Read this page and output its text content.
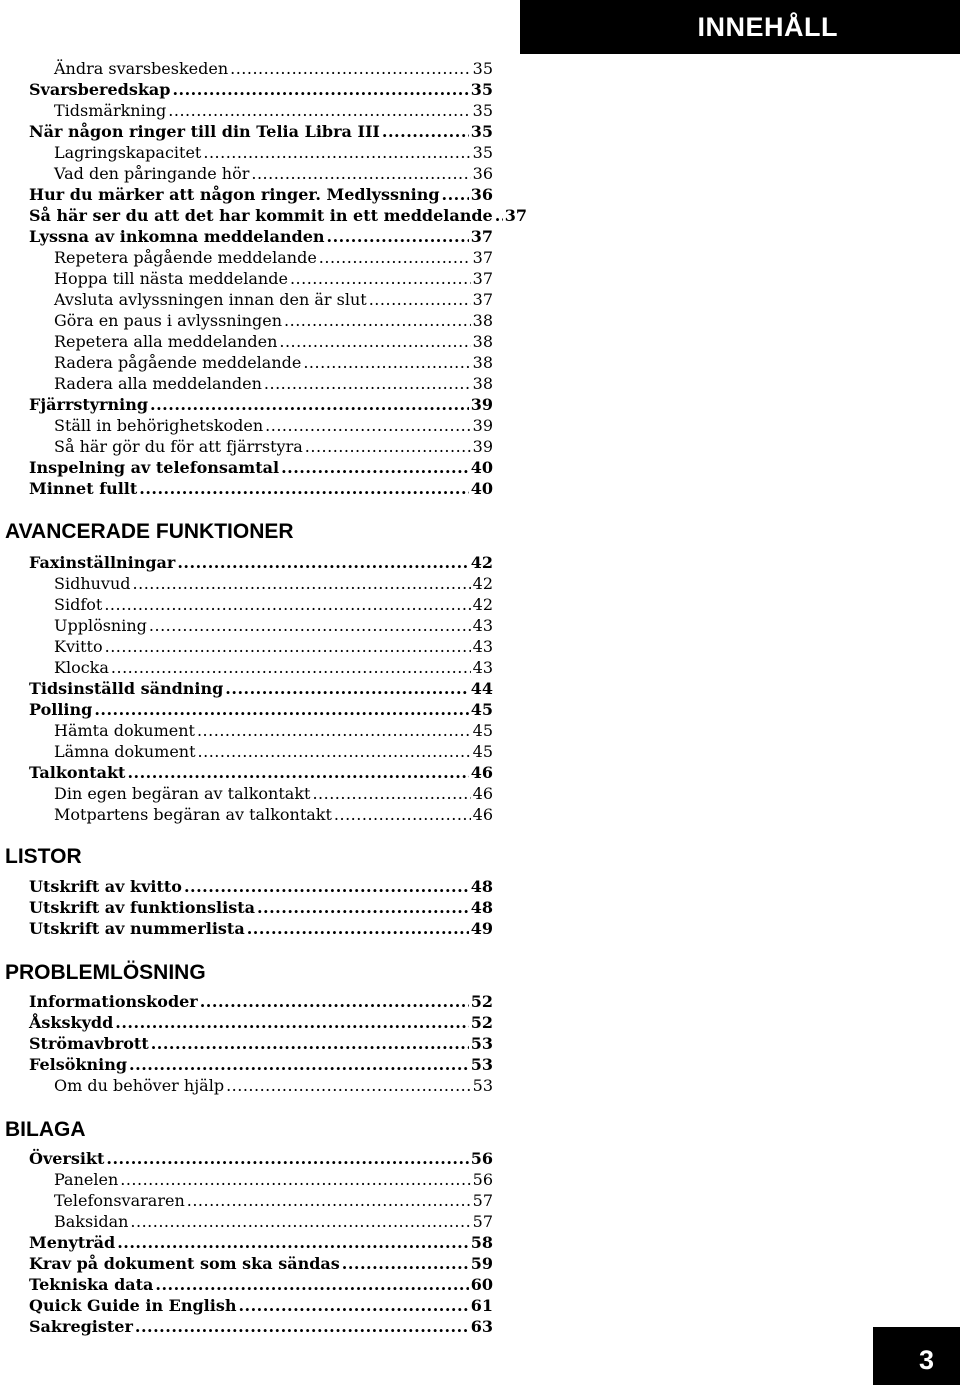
INNEHÅLL
Ändra svarsbeskeden .....	35
Svarsberedskap .....	35
Tidsmärkning .....	35
När någon ringer till din Telia Libra III .....	35
Lagringskapacitet .....	35
Vad den påringande hör .....	36
Hur du märker att någon ringer. Medlyssning ..... 36
Så här ser du att det har kommit in ett meddelande ..... 37
Lyssna av inkomna meddelanden .....	37
Repetera pågående meddelande .....	37
Hoppa till nästa meddelande .....	37
Avsluta avlyssningen innan den är slut .....	37
Göra en paus i avlyssningen .....	38
Repetera alla meddelanden .....	38
Radera pågående meddelande .....	38
Radera alla meddelanden .....	38
Fjärrstyrning .....	39
Ställ in behörighetskoden .....	39
Så här gör du för att fjärrstyra .....	39
Inspelning av telefonsamtal .....	40
Minnet fullt .....	40
AVANCERADE FUNKTIONER
Faxinställningar .....	42
Sidhuvud .....	42
Sidfot .....	42
Upplösning .....	43
Kvitto .....	43
Klocka .....	43
Tidsinställd sändning .....	44
Polling .....	45
Hämta dokument .....	45
Lämna dokument .....	45
Talkontakt .....	46
Din egen begäran av talkontakt .....	46
Motpartens begäran av talkontakt .....	46
LISTOR
Utskrift av kvitto .....	48
Utskrift av funktionslista .....	48
Utskrift av nummerlista .....	49
PROBLEMLÖSNING
Informationskoder .....	52
Åskskydd .....	52
Strömavbrott .....	53
Felsökning .....	53
Om du behöver hjälp .....	53
BILAGA
Översikt .....	56
Panelen .....	56
Telefonsvararen .....	57
Baksidan .....	57
Menyträd .....	58
Krav på dokument som ska sändas .....	59
Tekniska data .....	60
Quick Guide in English .....	61
Sakregister .....	63
3
